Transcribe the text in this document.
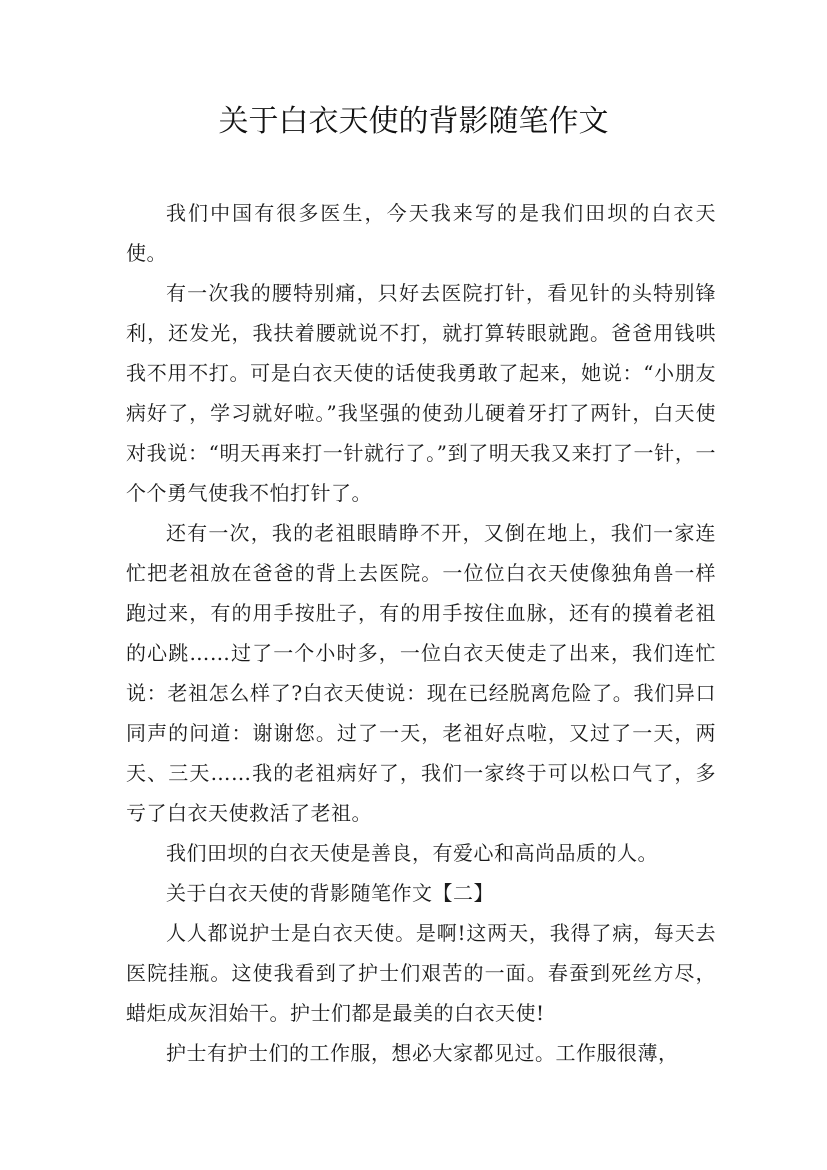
关于白衣天使的背影随笔作文

我们中国有很多医生，今天我来写的是我们田坝的白衣天使。

有一次我的腰特别痛，只好去医院打针，看见针的头特别锋利，还发光，我扶着腰就说不打，就打算转眼就跑。爸爸用钱哄我不用不打。可是白衣天使的话使我勇敢了起来，她说：“小朋友病好了，学习就好啦。”我坚强的使劲儿硬着牙打了两针，白天使对我说：“明天再来打一针就行了。”到了明天我又来打了一针，一个个勇气使我不怕打针了。

还有一次，我的老祖眼睛睁不开，又倒在地上，我们一家连忙把老祖放在爸爸的背上去医院。一位位白衣天使像独角兽一样跑过来，有的用手按肚子，有的用手按住血脉，还有的摸着老祖的心跳……过了一个小时多，一位白衣天使走了出来，我们连忙说：老祖怎么样了?白衣天使说：现在已经脱离危险了。我们异口同声的问道：谢谢您。过了一天，老祖好点啦，又过了一天，两天、三天……我的老祖病好了，我们一家终于可以松口气了，多亏了白衣天使救活了老祖。

我们田坝的白衣天使是善良，有爱心和高尚品质的人。

关于白衣天使的背影随笔作文【二】

人人都说护士是白衣天使。是啊!这两天，我得了病，每天去医院挂瓶。这使我看到了护士们艰苦的一面。春蚕到死丝方尽，蜡炬成灰泪始干。护士们都是最美的白衣天使!

护士有护士们的工作服，想必大家都见过。工作服很薄，
